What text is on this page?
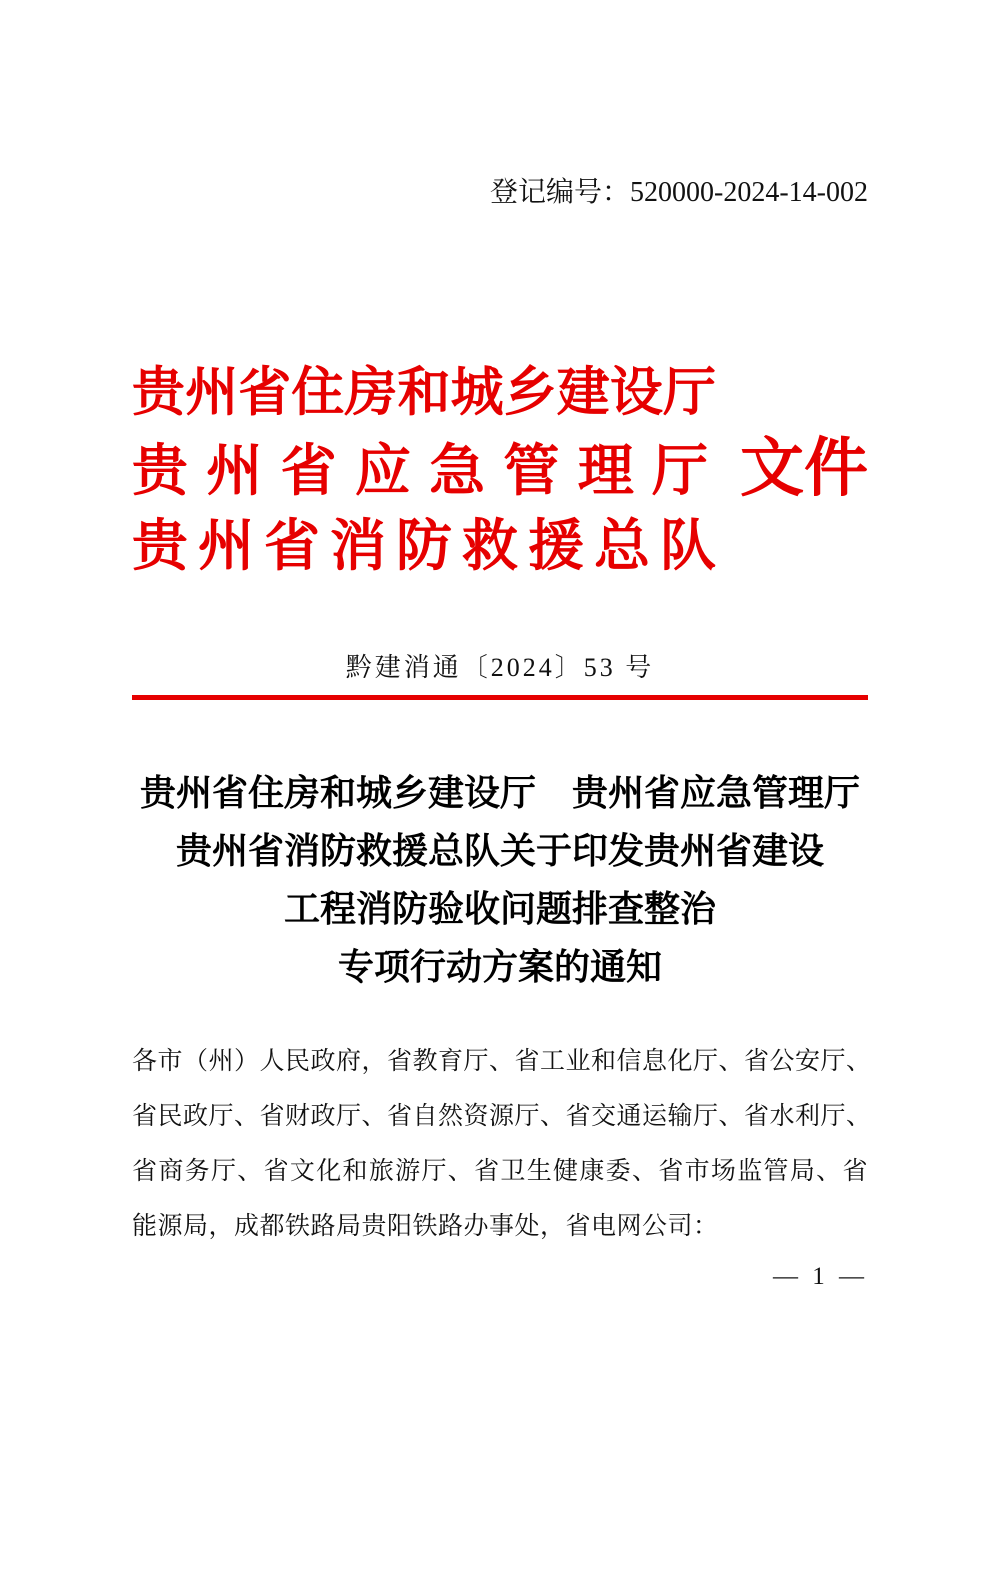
登记编号：520000-2024-14-002
贵州省住房和城乡建设厅
贵州省应急管理厅 文件
贵州省消防救援总队
黔建消通〔2024〕53 号
贵州省住房和城乡建设厅　贵州省应急管理厅
贵州省消防救援总队关于印发贵州省建设
工程消防验收问题排查整治
专项行动方案的通知
各市（州）人民政府，省教育厅、省工业和信息化厅、省公安厅、
省民政厅、省财政厅、省自然资源厅、省交通运输厅、省水利厅、
省商务厅、省文化和旅游厅、省卫生健康委、省市场监管局、省
能源局，成都铁路局贵阳铁路办事处，省电网公司：
— 1 —
